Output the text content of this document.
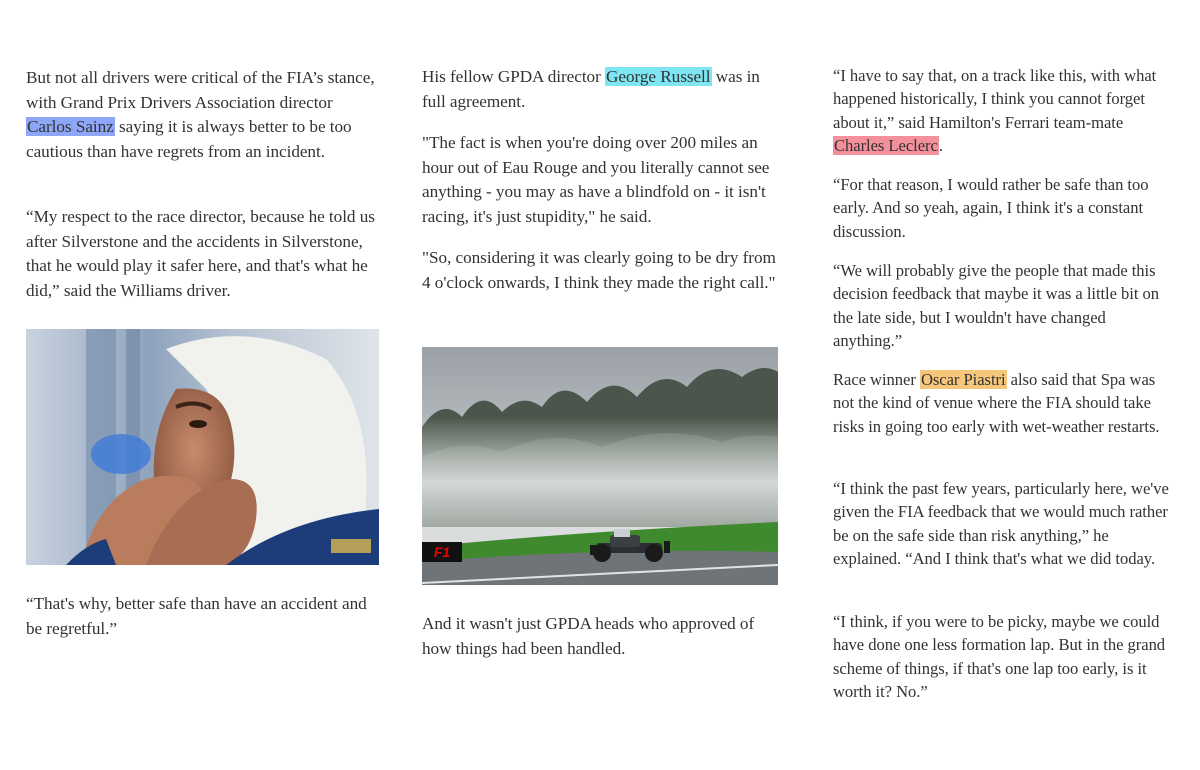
But not all drivers were critical of the FIA’s stance, with Grand Prix Drivers Association director Carlos Sainz saying it is always better to be too cautious than have regrets from an incident.

“My respect to the race director, because he told us after Silverstone and the accidents in Silverstone, that he would play it safer here, and that's what he did,” said the Williams driver.

“That's why, better safe than have an accident and be regretful.”

His fellow GPDA director George Russell was in full agreement.

"The fact is when you're doing over 200 miles an hour out of Eau Rouge and you literally cannot see anything - you may as have a blindfold on - it isn't racing, it's just stupidity," he said.

"So, considering it was clearly going to be dry from 4 o'clock onwards, I think they made the right call."

F1

And it wasn't just GPDA heads who approved of how things had been handled.

“I have to say that, on a track like this, with what happened historically, I think you cannot forget about it,” said Hamilton's Ferrari team-mate Charles Leclerc.

“For that reason, I would rather be safe than too early. And so yeah, again, I think it's a constant discussion.

“We will probably give the people that made this decision feedback that maybe it was a little bit on the late side, but I wouldn't have changed anything.”

Race winner Oscar Piastri also said that Spa was not the kind of venue where the FIA should take risks in going too early with wet-weather restarts.

“I think the past few years, particularly here, we've given the FIA feedback that we would much rather be on the safe side than risk anything,” he explained. “And I think that's what we did today.

“I think, if you were to be picky, maybe we could have done one less formation lap. But in the grand scheme of things, if that's one lap too early, is it worth it? No.”
